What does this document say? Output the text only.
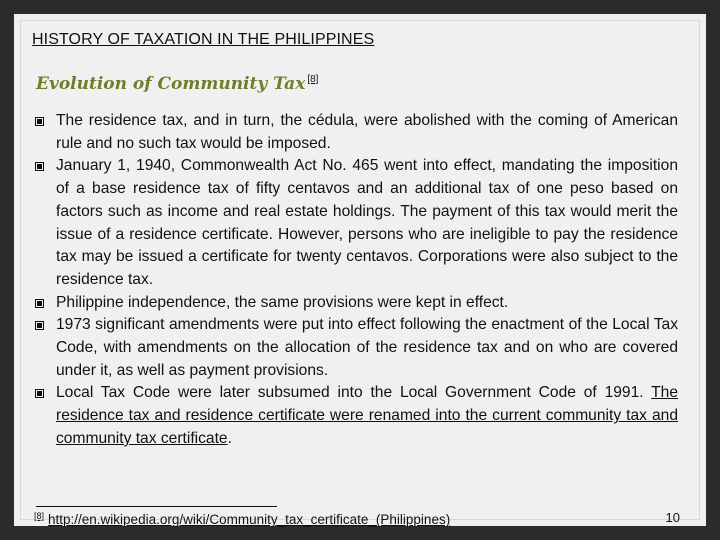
HISTORY OF TAXATION IN THE PHILIPPINES
Evolution of Community Tax [8]
The residence tax, and in turn, the cédula, were abolished with the coming of American rule and no such tax would be imposed.
January 1, 1940, Commonwealth Act No. 465 went into effect, mandating the imposition of a base residence tax of fifty centavos and an additional tax of one peso based on factors such as income and real estate holdings. The payment of this tax would merit the issue of a residence certificate. However, persons who are ineligible to pay the residence tax may be issued a certificate for twenty centavos. Corporations were also subject to the residence tax.
Philippine independence, the same provisions were kept in effect.
1973 significant amendments were put into effect following the enactment of the Local Tax Code, with amendments on the allocation of the residence tax and on who are covered under it, as well as payment provisions.
Local Tax Code were later subsumed into the Local Government Code of 1991. The residence tax and residence certificate were renamed into the current community tax and community tax certificate.
[8] http://en.wikipedia.org/wiki/Community_tax_certificate_(Philippines)	10
